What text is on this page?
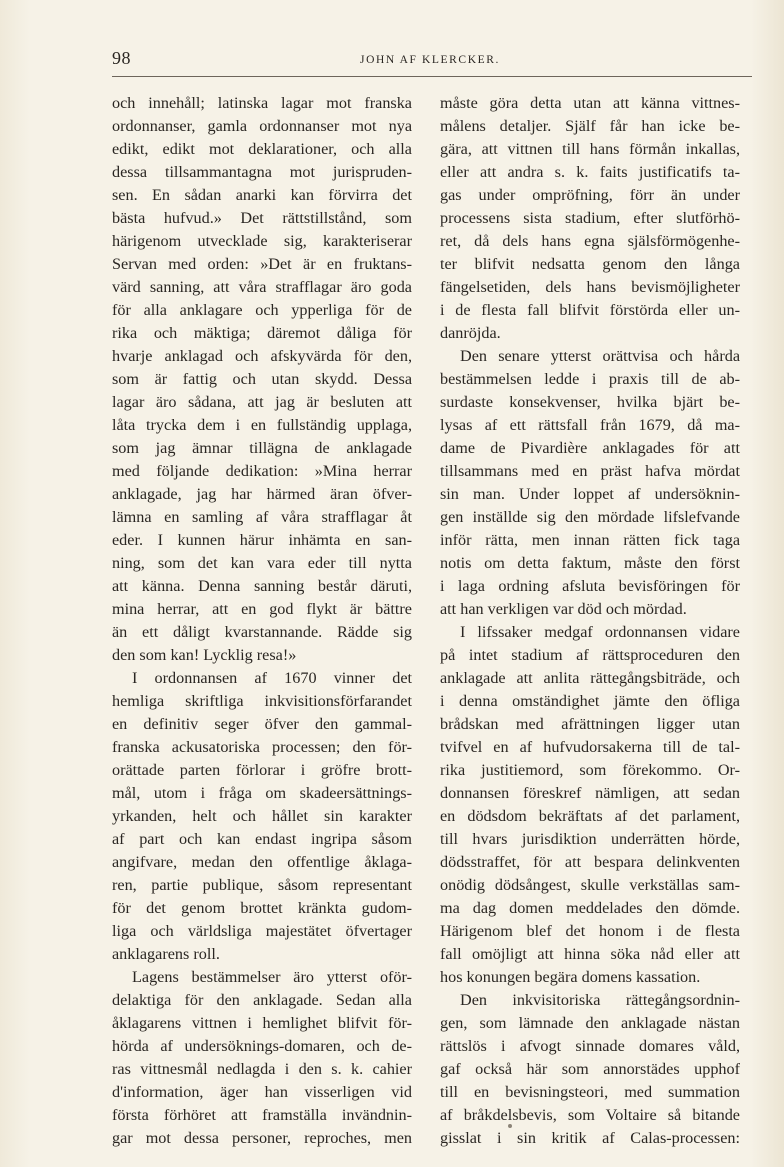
98	JOHN AF KLERCKER.
och innehåll; latinska lagar mot franska
ordonnanser, gamla ordonnanser mot nya
edikt, edikt mot deklarationer, och alla
dessa tillsammantagna mot jurispruden-
sen. En sådan anarki kan förvirra det
bästa hufvud.» Det rättstillstånd, som
härigenom utvecklade sig, karakteriserar
Servan med orden: »Det är en fruktans-
värd sanning, att våra strafflagar äro goda
för alla anklagare och ypperliga för de
rika och mäktiga; däremot dåliga för
hvarje anklagad och afskyvärda för den,
som är fattig och utan skydd. Dessa
lagar äro sådana, att jag är besluten att
låta trycka dem i en fullständig upplaga,
som jag ämnar tillägna de anklagade
med följande dedikation: »Mina herrar
anklagade, jag har härmed äran öfver-
lämna en samling af våra strafflagar åt
eder. I kunnen härur inhämta en san-
ning, som det kan vara eder till nytta
att känna. Denna sanning består däruti,
mina herrar, att en god flykt är bättre
än ett dåligt kvarstannande. Rädde sig
den som kan! Lycklig resa!»
I ordonnansen af 1670 vinner det
hemliga skriftliga inkvisitionsförfarandet
en definitiv seger öfver den gammal-
franska ackusatoriska processen; den för-
orättade parten förlorar i gröfre brott-
mål, utom i fråga om skadeersättnings-
yrkanden, helt och hållet sin karakter
af part och kan endast ingripa såsom
angifvare, medan den offentlige åklaga-
ren, partie publique, såsom representant
för det genom brottet kränkta gudom-
liga och världsliga majestätet öfvertager
anklagarens roll.
Lagens bestämmelser äro ytterst oför-
delaktiga för den anklagade. Sedan alla
åklagarens vittnen i hemlighet blifvit för-
hörda af undersöknings-domaren, och de-
ras vittnesmål nedlagda i den s. k. cahier
d'information, äger han visserligen vid
första förhöret att framställa invändnin-
gar mot dessa personer, reproches, men
måste göra detta utan att känna vittnes-
målens detaljer. Själf får han icke be-
gära, att vittnen till hans förmån inkallas,
eller att andra s. k. faits justificatifs ta-
gas under ompröfning, förr än under
processens sista stadium, efter slutförhö-
ret, då dels hans egna själsförmögenhe-
ter blifvit nedsatta genom den långa
fängelsetiden, dels hans bevismöjligheter
i de flesta fall blifvit förstörda eller un-
danröjda.
Den senare ytterst orättvisa och hårda
bestämmelsen ledde i praxis till de ab-
surdaste konsekvenser, hvilka bjärt be-
lysas af ett rättsfall från 1679, då ma-
dame de Pivardière anklagades för att
tillsammans med en präst hafva mördat
sin man. Under loppet af undersöknin-
gen inställde sig den mördade lifslefvande
inför rätta, men innan rätten fick taga
notis om detta faktum, måste den först
i laga ordning afsluta bevisföringen för
att han verkligen var död och mördad.
I lifssaker medgaf ordonnansen vidare
på intet stadium af rättsproceduren den
anklagade att anlita rättegångsbiträde, och
i denna omständighet jämte den öfliga
brådskan med afrättningen ligger utan
tvifvel en af hufvudorsakerna till de tal-
rika justitiemord, som förekommo. Or-
donnansen föreskref nämligen, att sedan
en dödsdom bekräftats af det parlament,
till hvars jurisdiktion underrätten hörde,
dödsstraffet, för att bespara delinkventen
onödig dödsångest, skulle verkställas sam-
ma dag domen meddelades den dömde.
Härigenom blef det honom i de flesta
fall omöjligt att hinna söka nåd eller att
hos konungen begära domens kassation.
Den inkvisitoriska rättegångsordnin-
gen, som lämnade den anklagade nästan
rättslös i afvogt sinnade domares våld,
gaf också här som annorstädes upphof
till en bevisningsteori, med summation
af bråkdelsbevis, som Voltaire så bitande
gisslat i sin kritik af Calas-processen:
